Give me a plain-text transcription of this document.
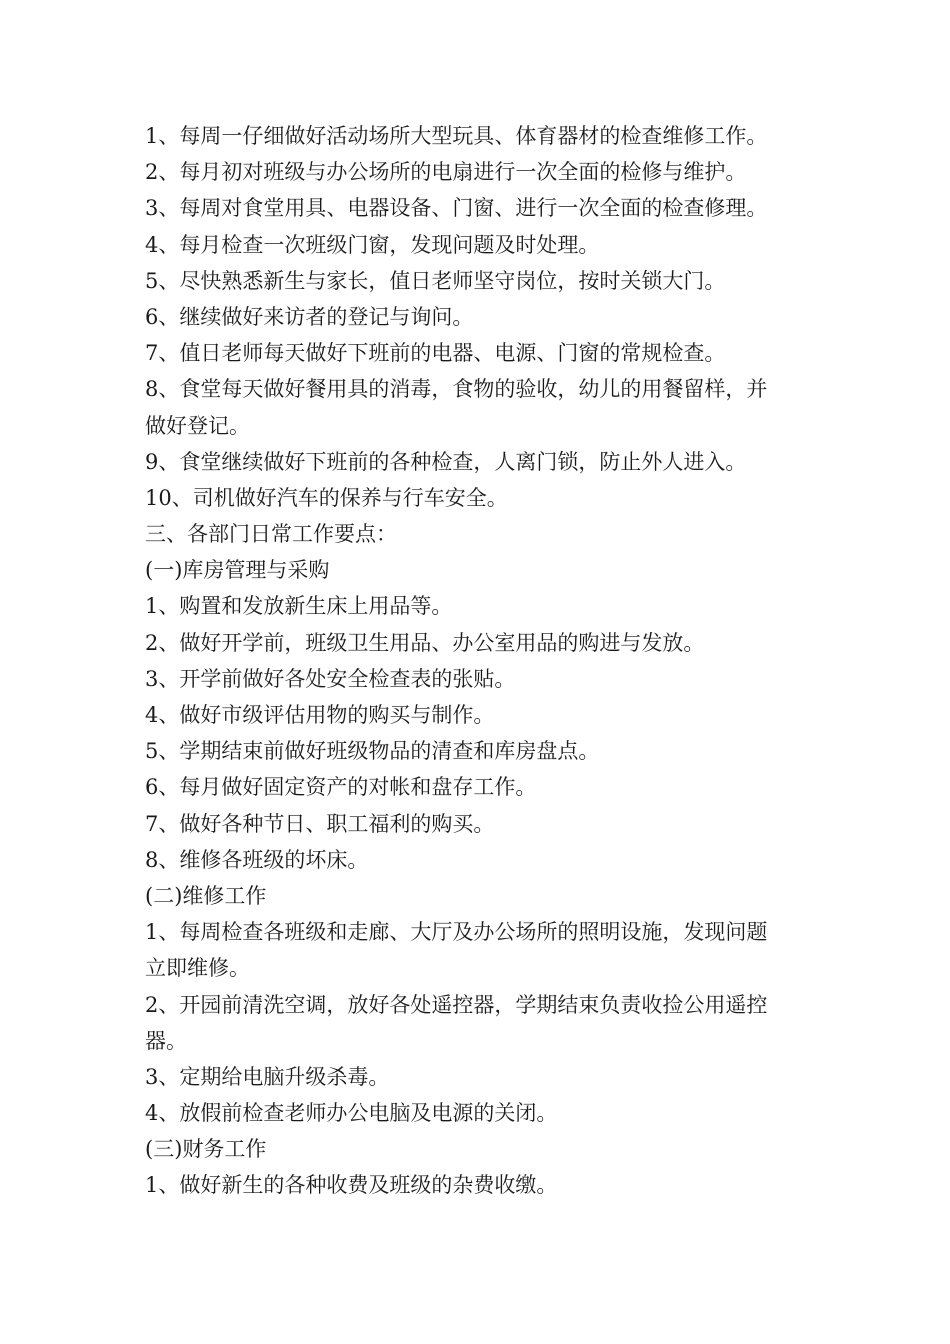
1、每周一仔细做好活动场所大型玩具、体育器材的检查维修工作。
2、每月初对班级与办公场所的电扇进行一次全面的检修与维护。
3、每周对食堂用具、电器设备、门窗、进行一次全面的检查修理。
4、每月检查一次班级门窗，发现问题及时处理。
5、尽快熟悉新生与家长，值日老师坚守岗位，按时关锁大门。
6、继续做好来访者的登记与询问。
7、值日老师每天做好下班前的电器、电源、门窗的常规检查。
8、食堂每天做好餐用具的消毒，食物的验收，幼儿的用餐留样，并
做好登记。
9、食堂继续做好下班前的各种检查，人离门锁，防止外人进入。
10、司机做好汽车的保养与行车安全。
三、各部门日常工作要点：
(一)库房管理与采购
1、购置和发放新生床上用品等。
2、做好开学前，班级卫生用品、办公室用品的购进与发放。
3、开学前做好各处安全检查表的张贴。
4、做好市级评估用物的购买与制作。
5、学期结束前做好班级物品的清查和库房盘点。
6、每月做好固定资产的对帐和盘存工作。
7、做好各种节日、职工福利的购买。
8、维修各班级的坏床。
(二)维修工作
1、每周检查各班级和走廊、大厅及办公场所的照明设施，发现问题
立即维修。
2、开园前清洗空调，放好各处遥控器，学期结束负责收捡公用遥控
器。
3、定期给电脑升级杀毒。
4、放假前检查老师办公电脑及电源的关闭。
(三)财务工作
1、做好新生的各种收费及班级的杂费收缴。
